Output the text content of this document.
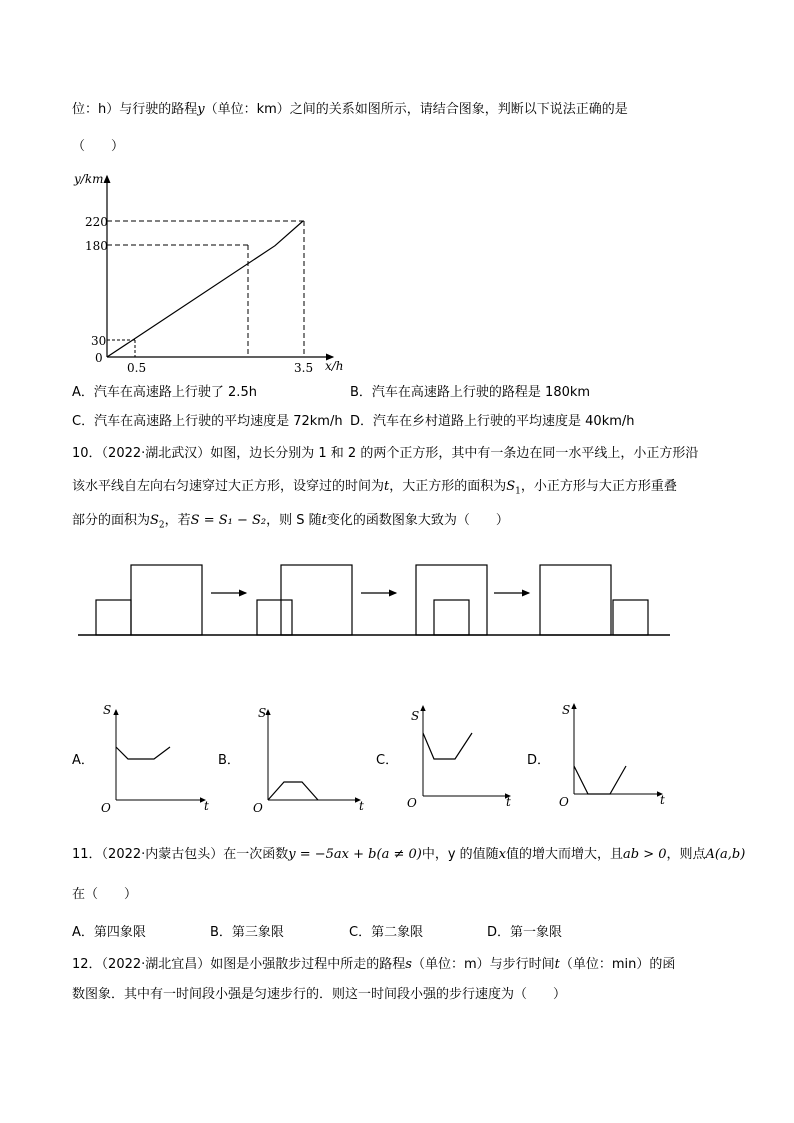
位：h）与行驶的路程y（单位：km）之间的关系如图所示，请结合图象，判断以下说法正确的是
（　　）
y/km
x/h
0
220
180
30
0.5	3.5
A．汽车在高速路上行驶了 2.5h	B．汽车在高速路上行驶的路程是 180km
C．汽车在高速路上行驶的平均速度是 72km/h D．汽车在乡村道路上行驶的平均速度是 40km/h
10．（2022·湖北武汉）如图，边长分别为 1 和 2 的两个正方形，其中有一条边在同一水平线上，小正方形沿
该水平线自左向右匀速穿过大正方形，设穿过的时间为t，大正方形的面积为$S_1$，小正方形与大正方形重叠
部分的面积为$S_2$，若S = S₁ − S₂，则 S 随t变化的函数图象大致为（　　）
S
O	t
S
O	t
S
O	t
S
O	t
A．	B．	C．	D．
11．（2022·内蒙古包头）在一次函数y = −5ax + b(a ≠ 0)中，y 的值随x值的增大而增大，且ab > 0，则点A(a,b)
在（　　）
A．第四象限	B．第三象限	C．第二象限	D．第一象限
12．（2022·湖北宜昌）如图是小强散步过程中所走的路程s（单位：m）与步行时间t（单位：min）的函
数图象．其中有一时间段小强是匀速步行的．则这一时间段小强的步行速度为（　　）
